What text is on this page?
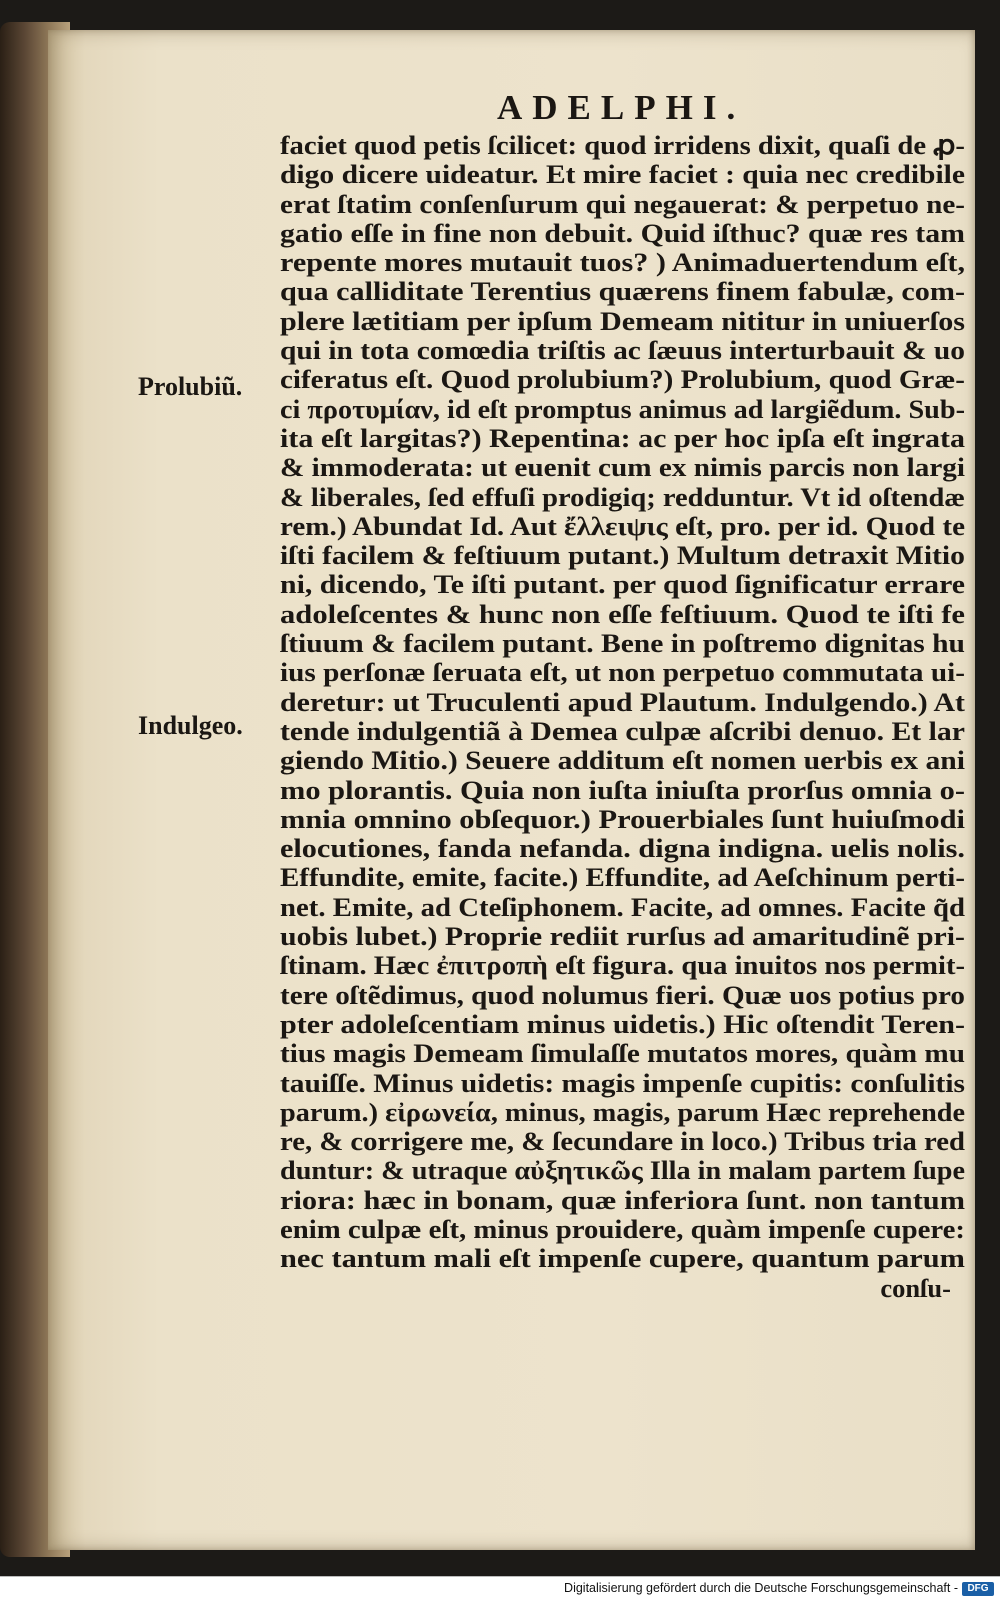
ADELPHI.
Prolubiũ.
Indulgeo.
faciet quod petis ſcilicet: quod irridens dixit, quaſi de ꝓ-
digo dicere uideatur. Et mire faciet : quia nec credibile
erat ſtatim conſenſurum qui negauerat: & perpetuo ne-
gatio eſſe in fine non debuit. Quid iſthuc? quæ res tam
repente mores mutauit tuos? ) Animaduertendum eſt,
qua calliditate Terentius quærens finem fabulæ, com-
plere lætitiam per ipſum Demeam nititur in uniuerſos
qui in tota comœdia triſtis ac ſæuus interturbauit & uo
ciferatus eſt. Quod prolubium?) Prolubium, quod Græ-
ci προτυμίαν, id eſt promptus animus ad largiẽdum. Sub-
ita eſt largitas?) Repentina: ac per hoc ipſa eſt ingrata
& immoderata: ut euenit cum ex nimis parcis non largi
& liberales, ſed effuſi prodigiq; redduntur. Vt id oſtendæ
rem.) Abundat Id. Aut ἔλλειψις eſt, pro. per id. Quod te
iſti facilem & feſtiuum putant.) Multum detraxit Mitio
ni, dicendo, Te iſti putant. per quod ſignificatur errare
adoleſcentes & hunc non eſſe feſtiuum. Quod te iſti fe
ſtiuum & facilem putant. Bene in poſtremo dignitas hu
ius perſonæ ſeruata eſt, ut non perpetuo commutata ui-
deretur: ut Truculenti apud Plautum. Indulgendo.) At
tende indulgentiã à Demea culpæ aſcribi denuo. Et lar
giendo Mitio.) Seuere additum eſt nomen uerbis ex ani
mo plorantis. Quia non iuſta iniuſta prorſus omnia o-
mnia omnino obſequor.) Prouerbiales ſunt huiuſmodi
elocutiones, fanda nefanda. digna indigna. uelis nolis.
Effundite, emite, facite.) Effundite, ad Aeſchinum perti-
net. Emite, ad Cteſiphonem. Facite, ad omnes. Facite q̃d
uobis lubet.) Proprie rediit rurſus ad amaritudinẽ pri-
ſtinam. Hæc ἐπιτροπὴ eſt figura. qua inuitos nos permit-
tere oſtẽdimus, quod nolumus fieri. Quæ uos potius pro
pter adoleſcentiam minus uidetis.) Hic oſtendit Teren-
tius magis Demeam ſimulaſſe mutatos mores, quàm mu
tauiſſe. Minus uidetis: magis impenſe cupitis: conſulitis
parum.) εἰρωνεία, minus, magis, parum Hæc reprehende
re, & corrigere me, & ſecundare in loco.) Tribus tria red
duntur: & utraque αὐξητικῶς Illa in malam partem ſupe
riora: hæc in bonam, quæ inferiora ſunt. non tantum
enim culpæ eſt, minus prouidere, quàm impenſe cupere:
nec tantum mali eſt impenſe cupere, quantum parum
conſu-
Digitalisierung gefördert durch die Deutsche Forschungsgemeinschaft - DFG
